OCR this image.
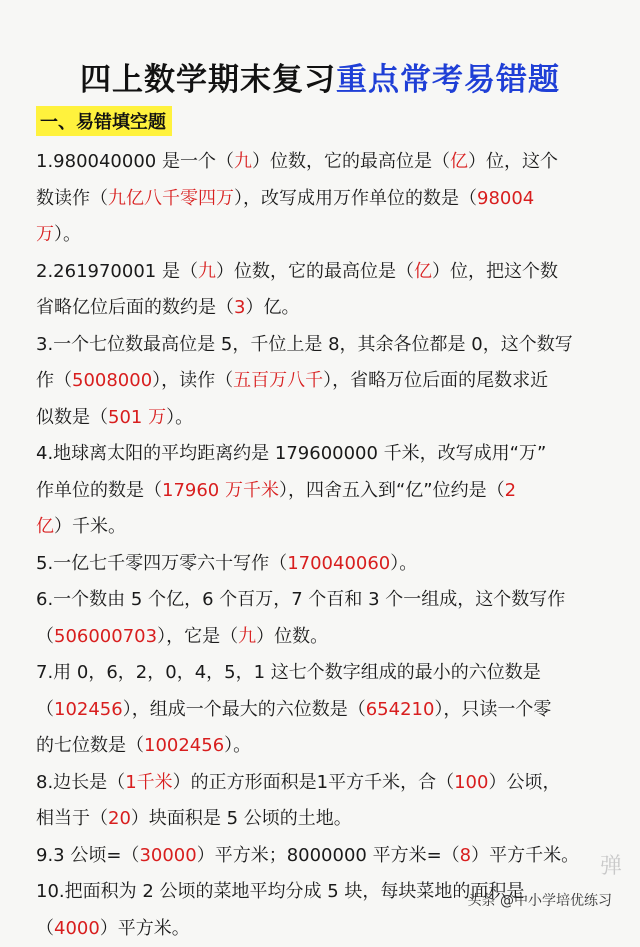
四上数学期末复习重点常考易错题
一、易错填空题
1.980040000 是一个（九）位数，它的最高位是（亿）位，这个
数读作（九亿八千零四万），改写成用万作单位的数是（98004
万）。
2.261970001 是（九）位数，它的最高位是（亿）位，把这个数
省略亿位后面的数约是（3）亿。
3.一个七位数最高位是 5，千位上是 8，其余各位都是 0，这个数写
作（5008000），读作（五百万八千），省略万位后面的尾数求近
似数是（501 万）。
4.地球离太阳的平均距离约是 179600000 千米，改写成用“万”
作单位的数是（17960 万千米），四舍五入到“亿”位约是（2
亿）千米。
5.一亿七千零四万零六十写作（170040060）。
6.一个数由 5 个亿，6 个百万，7 个百和 3 个一组成，这个数写作
（506000703），它是（九）位数。
7.用 0，6，2，0，4，5，1 这七个数字组成的最小的六位数是
（102456），组成一个最大的六位数是（654210），只读一个零
的七位数是（1002456）。
8.边长是（1千米）的正方形面积是1平方千米，合（100）公顷，
相当于（20）块面积是 5 公顷的土地。
9.3 公顷=（30000）平方米；8000000 平方米=（8）平方千米。
10.把面积为 2 公顷的菜地平均分成 5 块，每块菜地的面积是
（4000）平方米。
弹
头条 @中小学培优练习
